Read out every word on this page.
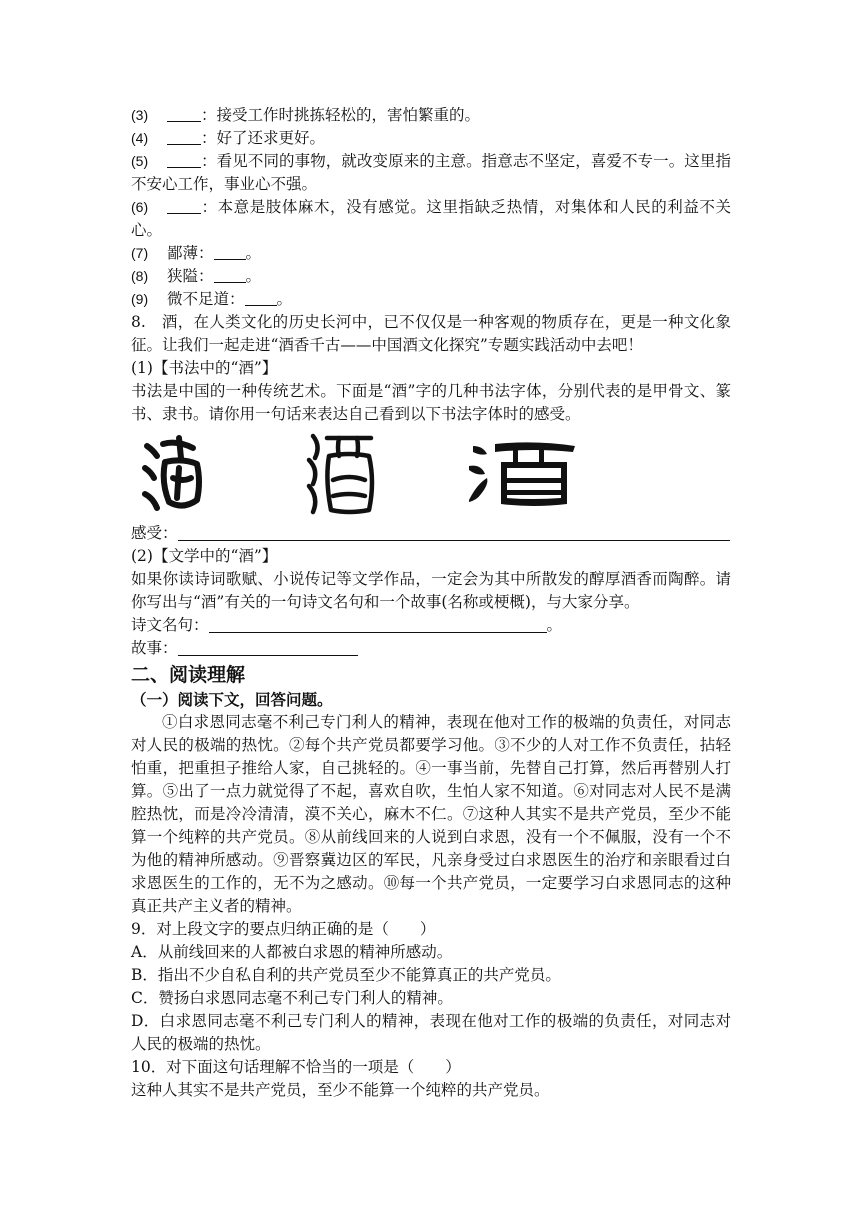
(3)	：接受工作时挑拣轻松的，害怕繁重的。
(4)	：好了还求更好。
(5)	：看见不同的事物，就改变原来的主意。指意志不坚定，喜爱不专一。这里指不安心工作，事业心不强。
(6)	：本意是肢体麻木，没有感觉。这里指缺乏热情，对集体和人民的利益不关心。
(7) 鄙薄： 。
(8) 狭隘： 。
(9) 微不足道： 。
8.　酒，在人类文化的历史长河中，已不仅仅是一种客观的物质存在，更是一种文化象征。让我们一起走进“酒香千古——中国酒文化探究”专题实践活动中去吧！
(1)【书法中的“酒”】
书法是中国的一种传统艺术。下面是“酒”字的几种书法字体，分别代表的是甲骨文、篆书、隶书。请你用一句话来表达自己看到以下书法字体时的感受。
感受：
(2)【文学中的“酒”】
如果你读诗词歌赋、小说传记等文学作品，一定会为其中所散发的醇厚酒香而陶醉。请你写出与“酒”有关的一句诗文名句和一个故事(名称或梗概)，与大家分享。
诗文名句：	。
故事：
二、阅读理解
（一）阅读下文，回答问题。
①白求恩同志毫不利己专门利人的精神，表现在他对工作的极端的负责任，对同志对人民的极端的热忱。②每个共产党员都要学习他。③不少的人对工作不负责任，拈轻怕重，把重担子推给人家，自己挑轻的。④一事当前，先替自己打算，然后再替别人打算。⑤出了一点力就觉得了不起，喜欢自吹，生怕人家不知道。⑥对同志对人民不是满腔热忱，而是冷冷清清，漠不关心，麻木不仁。⑦这种人其实不是共产党员，至少不能算一个纯粹的共产党员。⑧从前线回来的人说到白求恩，没有一个不佩服，没有一个不为他的精神所感动。⑨晋察冀边区的军民，凡亲身受过白求恩医生的治疗和亲眼看过白求恩医生的工作的，无不为之感动。⑩每一个共产党员，一定要学习白求恩同志的这种真正共产主义者的精神。
9．对上段文字的要点归纳正确的是（　　）
A．从前线回来的人都被白求恩的精神所感动。
B．指出不少自私自利的共产党员至少不能算真正的共产党员。
C．赞扬白求恩同志毫不利己专门利人的精神。
D．白求恩同志毫不利己专门利人的精神，表现在他对工作的极端的负责任，对同志对人民的极端的热忱。
10．对下面这句话理解不恰当的一项是（　　）
这种人其实不是共产党员，至少不能算一个纯粹的共产党员。
